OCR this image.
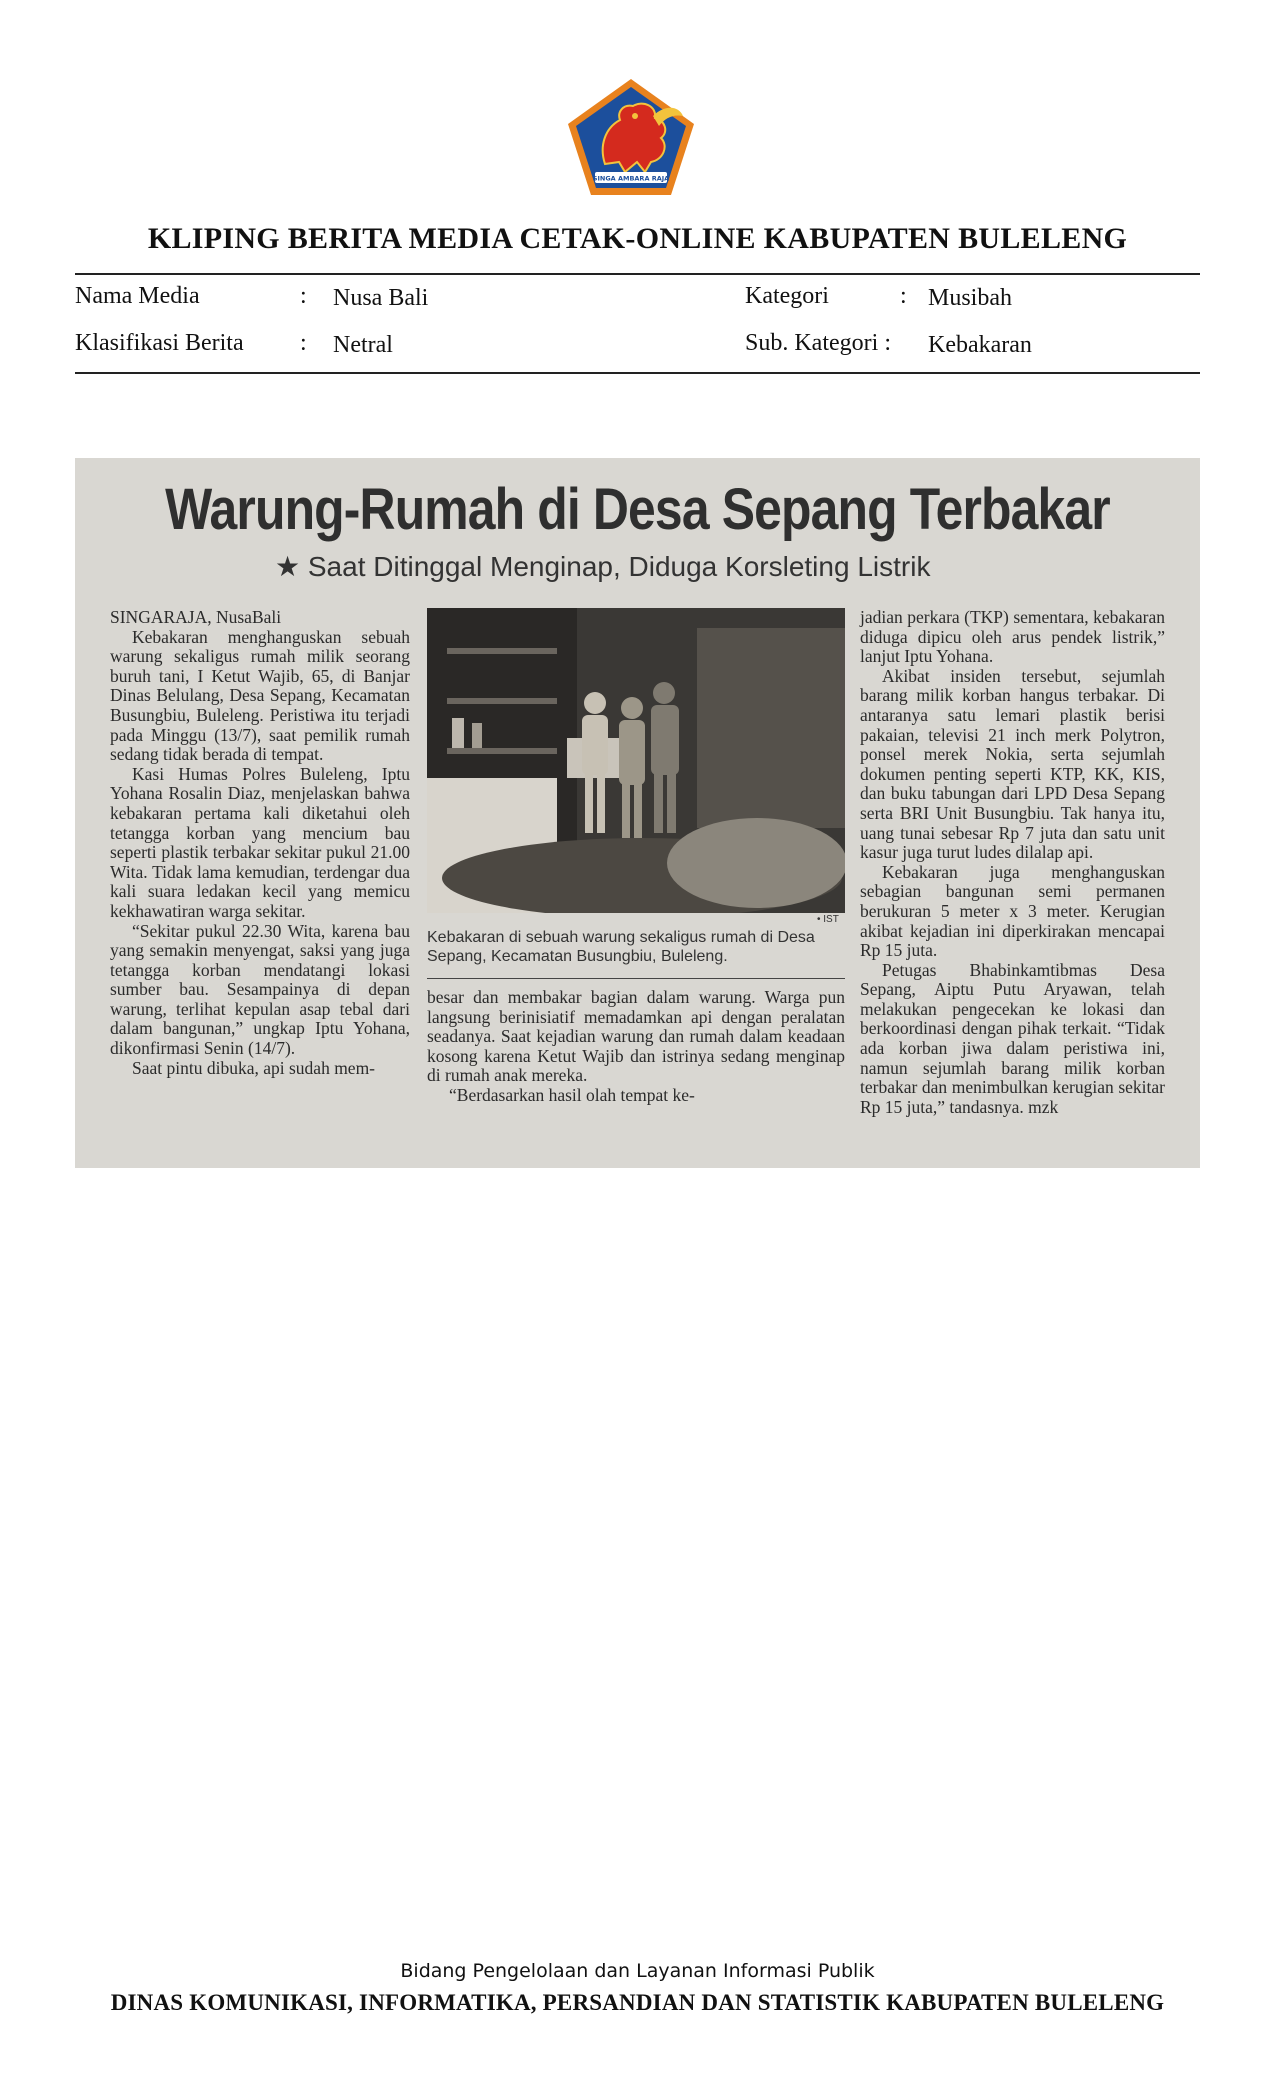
SINGA AMBARA RAJA
KLIPING BERITA MEDIA CETAK-ONLINE KABUPATEN BULELENG
Nama Media	: Nusa Bali
Klasifikasi Berita : Netral
Kategori	: Musibah
Sub. Kategori : Kebakaran
Warung-Rumah di Desa Sepang Terbakar
★ Saat Ditinggal Menginap, Diduga Korsleting Listrik

SINGARAJA, NusaBali

Kebakaran menghanguskan sebuah warung sekaligus rumah milik seorang buruh tani, I Ketut Wajib, 65, di Banjar Dinas Belulang, Desa Sepang, Kecamatan Busungbiu, Buleleng. Peristiwa itu terjadi pada Minggu (13/7), saat pemilik rumah sedang tidak berada di tempat.

Kasi Humas Polres Buleleng, Iptu Yohana Rosalin Diaz, menjelaskan bahwa kebakaran pertama kali diketahui oleh tetangga korban yang mencium bau seperti plastik terbakar sekitar pukul 21.00 Wita. Tidak lama kemudian, terdengar dua kali suara ledakan kecil yang memicu kekhawatiran warga sekitar.

“Sekitar pukul 22.30 Wita, karena bau yang semakin menyengat, saksi yang juga tetangga korban mendatangi lokasi sumber bau. Sesampainya di depan warung, terlihat kepulan asap tebal dari dalam bangunan,” ungkap Iptu Yohana, dikonfirmasi Senin (14/7).

Saat pintu dibuka, api sudah mem-

• IST
Kebakaran di sebuah warung sekaligus rumah di Desa Sepang, Kecamatan Busungbiu, Buleleng.

besar dan membakar bagian dalam warung. Warga pun langsung berinisiatif memadamkan api dengan peralatan seadanya. Saat kejadian warung dan rumah dalam keadaan kosong karena Ketut Wajib dan istrinya sedang menginap di rumah anak mereka.

“Berdasarkan hasil olah tempat ke-

jadian perkara (TKP) sementara, kebakaran diduga dipicu oleh arus pendek listrik,” lanjut Iptu Yohana.

Akibat insiden tersebut, sejumlah barang milik korban hangus terbakar. Di antaranya satu lemari plastik berisi pakaian, televisi 21 inch merk Polytron, ponsel merek Nokia, serta sejumlah dokumen penting seperti KTP, KK, KIS, dan buku tabungan dari LPD Desa Sepang serta BRI Unit Busungbiu. Tak hanya itu, uang tunai sebesar Rp 7 juta dan satu unit kasur juga turut ludes dilalap api.

Kebakaran juga menghanguskan sebagian bangunan semi permanen berukuran 5 meter x 3 meter. Kerugian akibat kejadian ini diperkirakan mencapai Rp 15 juta.

Petugas Bhabinkamtibmas Desa Sepang, Aiptu Putu Aryawan, telah melakukan pengecekan ke lokasi dan berkoordinasi dengan pihak terkait. “Tidak ada korban jiwa dalam peristiwa ini, namun sejumlah barang milik korban terbakar dan menimbulkan kerugian sekitar Rp 15 juta,” tandasnya. mzk

Bidang Pengelolaan dan Layanan Informasi Publik
DINAS KOMUNIKASI, INFORMATIKA, PERSANDIAN DAN STATISTIK KABUPATEN BULELENG
